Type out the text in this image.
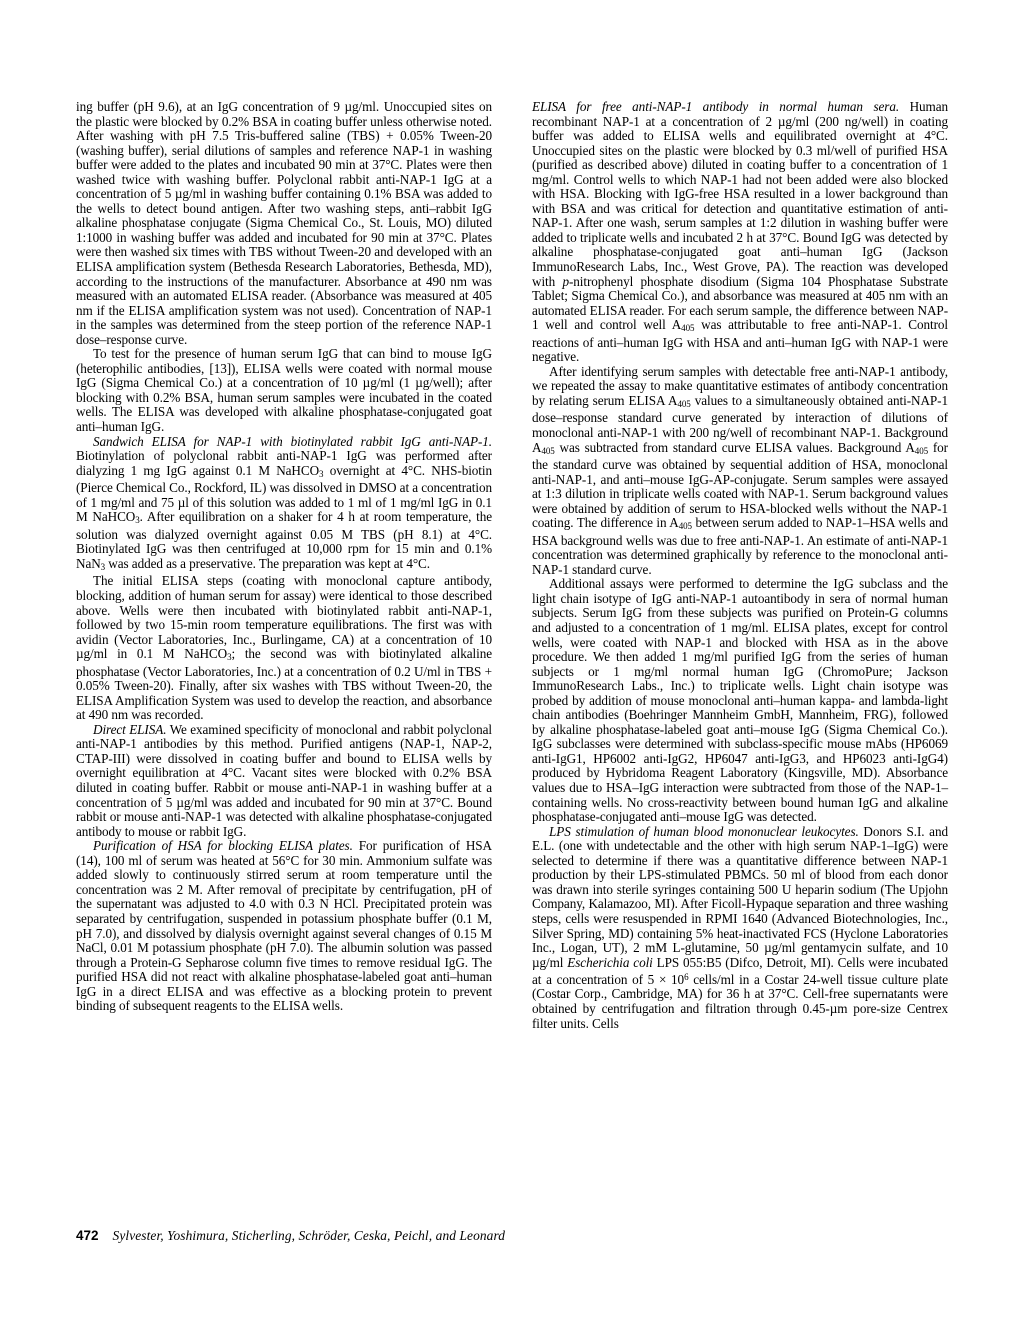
ing buffer (pH 9.6), at an IgG concentration of 9 µg/ml. Unoccupied sites on the plastic were blocked by 0.2% BSA in coating buffer unless otherwise noted. After washing with pH 7.5 Tris-buffered saline (TBS) + 0.05% Tween-20 (washing buffer), serial dilutions of samples and reference NAP-1 in washing buffer were added to the plates and incubated 90 min at 37°C. Plates were then washed twice with washing buffer. Polyclonal rabbit anti-NAP-1 IgG at a concentration of 5 µg/ml in washing buffer containing 0.1% BSA was added to the wells to detect bound antigen. After two washing steps, anti–rabbit IgG alkaline phosphatase conjugate (Sigma Chemical Co., St. Louis, MO) diluted 1:1000 in washing buffer was added and incubated for 90 min at 37°C. Plates were then washed six times with TBS without Tween-20 and developed with an ELISA amplification system (Bethesda Research Laboratories, Bethesda, MD), according to the instructions of the manufacturer. Absorbance at 490 nm was measured with an automated ELISA reader. (Absorbance was measured at 405 nm if the ELISA amplification system was not used). Concentration of NAP-1 in the samples was determined from the steep portion of the reference NAP-1 dose–response curve.

To test for the presence of human serum IgG that can bind to mouse IgG (heterophilic antibodies, [13]), ELISA wells were coated with normal mouse IgG (Sigma Chemical Co.) at a concentration of 10 µg/ml (1 µg/well); after blocking with 0.2% BSA, human serum samples were incubated in the coated wells. The ELISA was developed with alkaline phosphatase-conjugated goat anti–human IgG.

Sandwich ELISA for NAP-1 with biotinylated rabbit IgG anti-NAP-1. Biotinylation of polyclonal rabbit anti-NAP-1 IgG was performed after dialyzing 1 mg IgG against 0.1 M NaHCO$_3$ overnight at 4°C. NHS-biotin (Pierce Chemical Co., Rockford, IL) was dissolved in DMSO at a concentration of 1 mg/ml and 75 µl of this solution was added to 1 ml of 1 mg/ml IgG in 0.1 M NaHCO$_3$. After equilibration on a shaker for 4 h at room temperature, the solution was dialyzed overnight against 0.05 M TBS (pH 8.1) at 4°C. Biotinylated IgG was then centrifuged at 10,000 rpm for 15 min and 0.1% NaN$_3$ was added as a preservative. The preparation was kept at 4°C.

The initial ELISA steps (coating with monoclonal capture antibody, blocking, addition of human serum for assay) were identical to those described above. Wells were then incubated with biotinylated rabbit anti-NAP-1, followed by two 15-min room temperature equilibrations. The first was with avidin (Vector Laboratories, Inc., Burlingame, CA) at a concentration of 10 µg/ml in 0.1 M NaHCO$_3$; the second was with biotinylated alkaline phosphatase (Vector Laboratories, Inc.) at a concentration of 0.2 U/ml in TBS + 0.05% Tween-20). Finally, after six washes with TBS without Tween-20, the ELISA Amplification System was used to develop the reaction, and absorbance at 490 nm was recorded.

Direct ELISA. We examined specificity of monoclonal and rabbit polyclonal anti-NAP-1 antibodies by this method. Purified antigens (NAP-1, NAP-2, CTAP-III) were dissolved in coating buffer and bound to ELISA wells by overnight equilibration at 4°C. Vacant sites were blocked with 0.2% BSA diluted in coating buffer. Rabbit or mouse anti-NAP-1 in washing buffer at a concentration of 5 µg/ml was added and incubated for 90 min at 37°C. Bound rabbit or mouse anti-NAP-1 was detected with alkaline phosphatase-conjugated antibody to mouse or rabbit IgG.

Purification of HSA for blocking ELISA plates. For purification of HSA (14), 100 ml of serum was heated at 56°C for 30 min. Ammonium sulfate was added slowly to continuously stirred serum at room temperature until the concentration was 2 M. After removal of precipitate by centrifugation, pH of the supernatant was adjusted to 4.0 with 0.3 N HCl. Precipitated protein was separated by centrifugation, suspended in potassium phosphate buffer (0.1 M, pH 7.0), and dissolved by dialysis overnight against several changes of 0.15 M NaCl, 0.01 M potassium phosphate (pH 7.0). The albumin solution was passed through a Protein-G Sepharose column five times to remove residual IgG. The purified HSA did not react with alkaline phosphatase-labeled goat anti–human IgG in a direct ELISA and was effective as a blocking protein to prevent binding of subsequent reagents to the ELISA wells.

ELISA for free anti-NAP-1 antibody in normal human sera. Human recombinant NAP-1 at a concentration of 2 µg/ml (200 ng/well) in coating buffer was added to ELISA wells and equilibrated overnight at 4°C. Unoccupied sites on the plastic were blocked by 0.3 ml/well of purified HSA (purified as described above) diluted in coating buffer to a concentration of 1 mg/ml. Control wells to which NAP-1 had not been added were also blocked with HSA. Blocking with IgG-free HSA resulted in a lower background than with BSA and was critical for detection and quantitative estimation of anti-NAP-1. After one wash, serum samples at 1:2 dilution in washing buffer were added to triplicate wells and incubated 2 h at 37°C. Bound IgG was detected by alkaline phosphatase-conjugated goat anti–human IgG (Jackson ImmunoResearch Labs, Inc., West Grove, PA). The reaction was developed with p-nitrophenyl phosphate disodium (Sigma 104 Phosphatase Substrate Tablet; Sigma Chemical Co.), and absorbance was measured at 405 nm with an automated ELISA reader. For each serum sample, the difference between NAP-1 well and control well $A_{405}$ was attributable to free anti-NAP-1. Control reactions of anti–human IgG with HSA and anti–human IgG with NAP-1 were negative.

After identifying serum samples with detectable free anti-NAP-1 antibody, we repeated the assay to make quantitative estimates of antibody concentration by relating serum ELISA $A_{405}$ values to a simultaneously obtained anti-NAP-1 dose–response standard curve generated by interaction of dilutions of monoclonal anti-NAP-1 with 200 ng/well of recombinant NAP-1. Background $A_{405}$ was subtracted from standard curve ELISA values. Background $A_{405}$ for the standard curve was obtained by sequential addition of HSA, monoclonal anti-NAP-1, and anti–mouse IgG-AP-conjugate. Serum samples were assayed at 1:3 dilution in triplicate wells coated with NAP-1. Serum background values were obtained by addition of serum to HSA-blocked wells without the NAP-1 coating. The difference in $A_{405}$ between serum added to NAP-1–HSA wells and HSA background wells was due to free anti-NAP-1. An estimate of anti-NAP-1 concentration was determined graphically by reference to the monoclonal anti-NAP-1 standard curve.

Additional assays were performed to determine the IgG subclass and the light chain isotype of IgG anti-NAP-1 autoantibody in sera of normal human subjects. Serum IgG from these subjects was purified on Protein-G columns and adjusted to a concentration of 1 mg/ml. ELISA plates, except for control wells, were coated with NAP-1 and blocked with HSA as in the above procedure. We then added 1 mg/ml purified IgG from the series of human subjects or 1 mg/ml normal human IgG (ChromoPure; Jackson ImmunoResearch Labs., Inc.) to triplicate wells. Light chain isotype was probed by addition of mouse monoclonal anti–human kappa- and lambda-light chain antibodies (Boehringer Mannheim GmbH, Mannheim, FRG), followed by alkaline phosphatase-labeled goat anti–mouse IgG (Sigma Chemical Co.). IgG subclasses were determined with subclass-specific mouse mAbs (HP6069 anti-IgG1, HP6002 anti-IgG2, HP6047 anti-IgG3, and HP6023 anti-IgG4) produced by Hybridoma Reagent Laboratory (Kingsville, MD). Absorbance values due to HSA–IgG interaction were subtracted from those of the NAP-1–containing wells. No cross-reactivity between bound human IgG and alkaline phosphatase-conjugated anti–mouse IgG was detected.

LPS stimulation of human blood mononuclear leukocytes. Donors S.I. and E.L. (one with undetectable and the other with high serum NAP-1–IgG) were selected to determine if there was a quantitative difference between NAP-1 production by their LPS-stimulated PBMCs. 50 ml of blood from each donor was drawn into sterile syringes containing 500 U heparin sodium (The Upjohn Company, Kalamazoo, MI). After Ficoll-Hypaque separation and three washing steps, cells were resuspended in RPMI 1640 (Advanced Biotechnologies, Inc., Silver Spring, MD) containing 5% heat-inactivated FCS (Hyclone Laboratories Inc., Logan, UT), 2 mM L-glutamine, 50 µg/ml gentamycin sulfate, and 10 µg/ml Escherichia coli LPS 055:B5 (Difco, Detroit, MI). Cells were incubated at a concentration of $5 \times 10^6$ cells/ml in a Costar 24-well tissue culture plate (Costar Corp., Cambridge, MA) for 36 h at 37°C. Cell-free supernatants were obtained by centrifugation and filtration through 0.45-µm pore-size Centrex filter units. Cells

472 Sylvester, Yoshimura, Sticherling, Schröder, Ceska, Peichl, and Leonard
